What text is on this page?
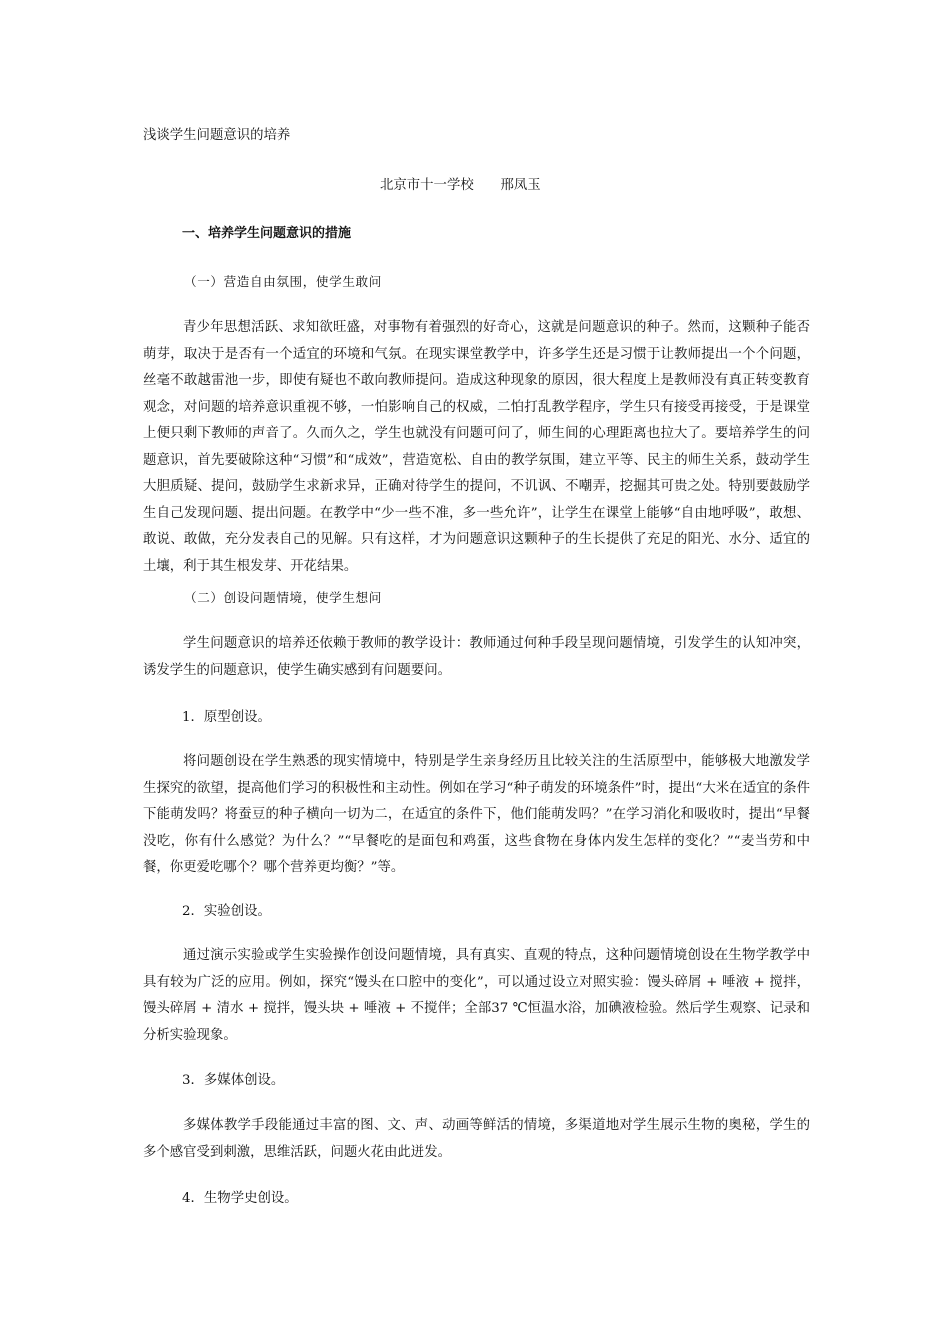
浅谈学生问题意识的培养

北京市十一学校　　邢凤玉

一、培养学生问题意识的措施

（一）营造自由氛围，使学生敢问

青少年思想活跃、求知欲旺盛，对事物有着强烈的好奇心，这就是问题意识的种子。然而，这颗种子能否萌芽，取决于是否有一个适宜的环境和气氛。在现实课堂教学中，许多学生还是习惯于让教师提出一个个问题，丝毫不敢越雷池一步，即使有疑也不敢向教师提问。造成这种现象的原因，很大程度上是教师没有真正转变教育观念，对问题的培养意识重视不够，一怕影响自己的权威，二怕打乱教学程序，学生只有接受再接受，于是课堂上便只剩下教师的声音了。久而久之，学生也就没有问题可问了，师生间的心理距离也拉大了。要培养学生的问题意识，首先要破除这种“习惯”和“成效”，营造宽松、自由的教学氛围，建立平等、民主的师生关系，鼓动学生大胆质疑、提问，鼓励学生求新求异，正确对待学生的提问，不讥讽、不嘲弄，挖掘其可贵之处。特别要鼓励学生自己发现问题、提出问题。在教学中“少一些不准，多一些允许”，让学生在课堂上能够“自由地呼吸”，敢想、敢说、敢做，充分发表自己的见解。只有这样，才为问题意识这颗种子的生长提供了充足的阳光、水分、适宜的土壤，利于其生根发芽、开花结果。

（二）创设问题情境，使学生想问

学生问题意识的培养还依赖于教师的教学设计：教师通过何种手段呈现问题情境，引发学生的认知冲突，诱发学生的问题意识，使学生确实感到有问题要问。

1．原型创设。

将问题创设在学生熟悉的现实情境中，特别是学生亲身经历且比较关注的生活原型中，能够极大地激发学生探究的欲望，提高他们学习的积极性和主动性。例如在学习“种子萌发的环境条件”时，提出“大米在适宜的条件下能萌发吗？将蚕豆的种子横向一切为二，在适宜的条件下，他们能萌发吗？”在学习消化和吸收时，提出“早餐没吃，你有什么感觉？为什么？”“早餐吃的是面包和鸡蛋，这些食物在身体内发生怎样的变化？”“麦当劳和中餐，你更爱吃哪个？哪个营养更均衡？”等。

2．实验创设。

通过演示实验或学生实验操作创设问题情境，具有真实、直观的特点，这种问题情境创设在生物学教学中具有较为广泛的应用。例如，探究“馒头在口腔中的变化”，可以通过设立对照实验：馒头碎屑 + 唾液 + 搅拌，馒头碎屑 + 清水 + 搅拌，馒头块 + 唾液 + 不搅伴；全部37 ℃恒温水浴，加碘液检验。然后学生观察、记录和分析实验现象。

3．多媒体创设。

多媒体教学手段能通过丰富的图、文、声、动画等鲜活的情境，多渠道地对学生展示生物的奥秘，学生的多个感官受到刺激，思维活跃，问题火花由此迸发。

4．生物学史创设。
